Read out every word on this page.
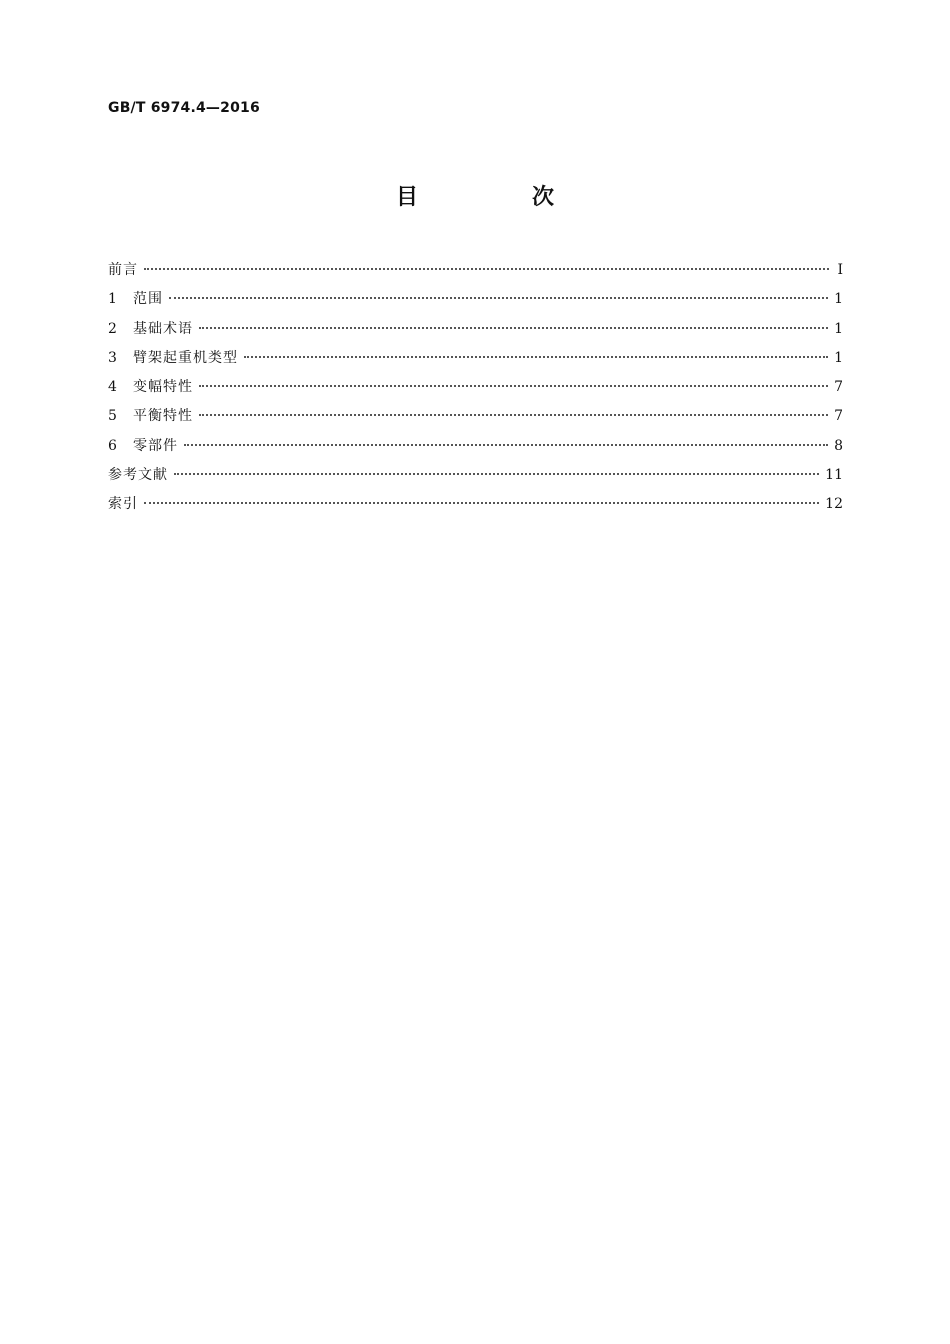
GB/T 6974.4—2016
目　次
前言	Ⅰ
1	范围	1
2	基础术语	1
3	臂架起重机类型	1
4	变幅特性	7
5	平衡特性	7
6	零部件	8
参考文献	11
索引	12
